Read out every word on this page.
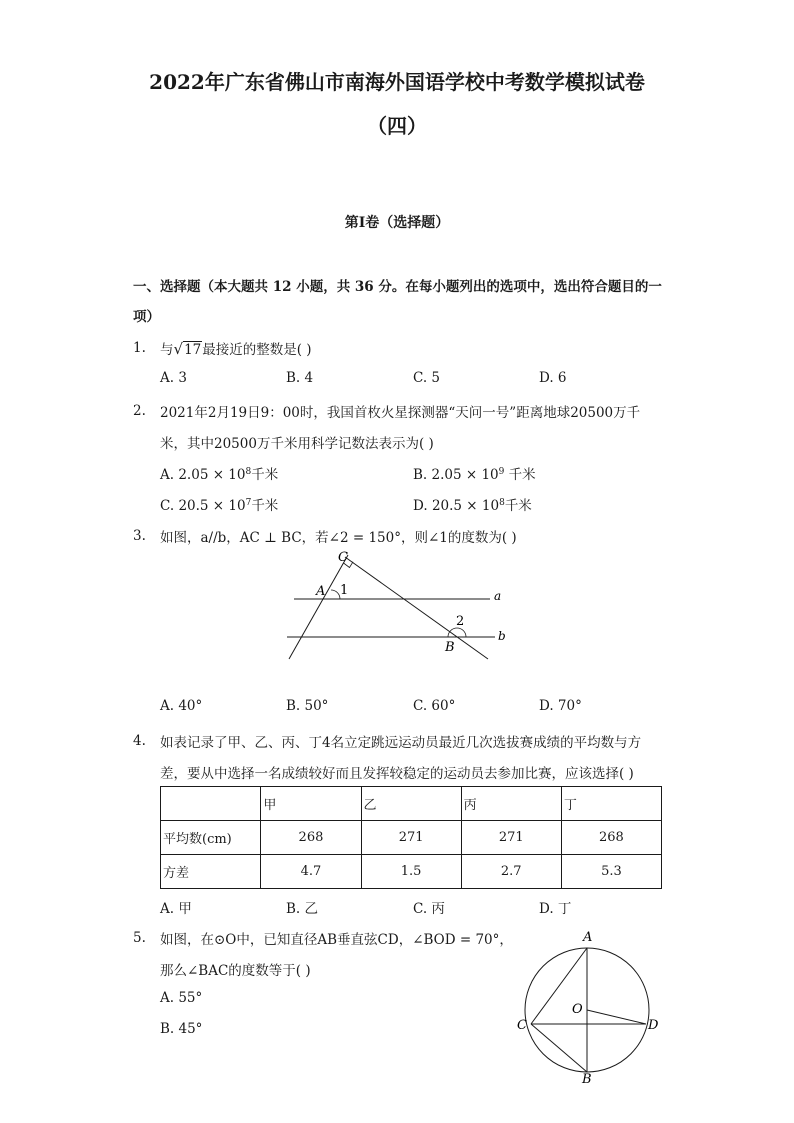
2022年广东省佛山市南海外国语学校中考数学模拟试卷
（四）
第Ⅰ卷（选择题）
一、选择题（本大题共 12 小题，共 36 分。在每小题列出的选项中，选出符合题目的一
项）
1. 与√17最接近的整数是( )
A. 3	B. 4	C. 5	D. 6
2. 2021年2月19日9：00时，我国首枚火星探测器“天问一号”距离地球20500万千
米，其中20500万千米用科学记数法表示为( )
A. $2.05 \times 10^8$千米	B. $2.05 \times 10^9$ 千米
C. $20.5 \times 10^7$千米	D. $20.5 \times 10^8$千米
3. 如图，a//b，AC ⊥ BC，若∠2 = 150°，则∠1的度数为( )
C
A 1
2
B
a
b
A. 40°	B. 50°	C. 60°	D. 70°
4. 如表记录了甲、乙、丙、丁4名立定跳远运动员最近几次选拔赛成绩的平均数与方
差，要从中选择一名成绩较好而且发挥较稳定的运动员去参加比赛，应该选择( )
	甲	乙	丙	丁
平均数(cm)	268	271	271	268
方差	4.7	1.5	2.7	5.3
A. 甲	B. 乙	C. 丙	D. 丁
5. 如图，在⊙O中，已知直径AB垂直弦CD，∠BOD = 70°，
那么∠BAC的度数等于( )
A. 55°
B. 45°
A
B
C	D
O
